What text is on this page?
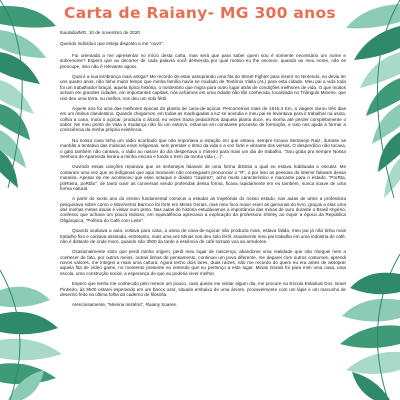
Carta de Raiany- MG 300 anos

Ituiutaba/MG, 10 de novembro de 2020

Querido indivíduo que esteja disposto a me "ouvir",

Fui orientada a me apresentar no início desta carta, mas será que para saber quem sou é somente necessário um nome e sobrenome? Espero que ao decorrer de cada palavra você desvenda por qual motivo eu lhe escrevo, quando ao meu nome, não se preocupe, isso não é relevante agora.

Qual é a sua lembrança mais antiga? Me recordo de estar assoprando uma fita do Street Fighter para inserir no Nintendo, eu devia ter uns quatro anos, não tinha muito tempo que minha família havia se mudado de Teotônio Vilela (AL) para esta cidade. Meu pai a vida toda foi um trabalhador braçal, aquela típica história, o nordestino que migra para outro lugar atrás de condições melhores de vida. O que muitos acham em grandes cidades, em importantes capitais, nós achamos em uma cidade não tão conhecida, localizada no Triângulo Mineiro, que nos deu uma terra, ou melhor, nos deu um solo fértil.

Aquele ano foi uma das melhores épocas do plantio de cana-de-açúcar. Percorremos mais de 1615,3 Km, a viagem durou três dias em um ônibus clandestino. Quando chegamos, em todas as madrugadas a luz se acendia e meu pai se levantava para ir trabalhar na usina, colhia a cana, moía o açúcar, produzia o álcool, eu vezes trazia pedacinhos daquela planta doce, eu morria até perder completamente o sabor. Ne meu ponto de vista a mudança não foi um estorvo, estamos em constante processo de formação, e isso nos ajuda a formar a consciência da minha própria existência.

Na nossa casa tinha um rádio acorbado que não importava a estação em que estava, sempre tocava Sertanejo Raiz, durante as manhãs a tentativa das músicas eram religiosas, sem prender o ritmo da vida e a voz forte e vibrante dos versos. O desperdício não tocava, o gato também não cantava, o rádio ao nascer do dia despertava o mineiro para mais um dia de trabalho. "Sou grata pra sempre Nossa Senhora de Aparecida livrara a minha escura e funda o trem da minha vida (...)".

Ouvindo essas canções reparava que os sertanejos falavam de uma forma distinta a qual eu estava habituada a escutar. Me contaram uma vez que os indígenas que aqui moravam não conseguiam pronunciar o "R", o por isso as pessoas do interior falavam dessa maneira. Apesar de me aconteceu que esse sotaque e dialeto "caipirez", acho muito característico e marcante para o estado. "PorRta, poRteira, poRtão", de tanto ouvir as conversas sendo proferidas dessa forma, ficava rapidamente em eu também, nunca soave de uma forma natural.

A partir do sexto ano do ensino fundamental comecei a estudar as trajetórias do nosso estado, nas aulas de artes a professora pesquisava sobre como o Movimento Barroco foi forte em Minas Gerais, mas meu foco maior eram as garounas do livro, graças a elas uma das minhas metas atuais é visitar ouro preto. Nas aulas de história estudávamos a importância das minas de ouro durante o Brasil Império, confesso que achava um pouco tedioso, em equivalência apreciava a explicação da professora Shirley ao expor a época da República Oligárquica, "Política do Café com Leite".

Quando acabava a aula, voltava para casa, a usina de cana-de-açúcar não produzia mais, estava falida, meu pai já não tinha mais trabalho fixo e cantava assinada, entretanto, mais uma vez Minas nos deu solo fértil. Atualmente meu pai trabalha em uma indústria de café, não é distante de onde moro, quando são 3h00 da tarde a essência de café torrado voa ao arredores.

Ocasionalmente sinto que perdi minha origem, perdi meu lugar de nascença, abandonei uma realidade que não cheguei nem a conhecer de fato, por outros meios, outras linhas de pensamento, continuei um povo diferente, me deparei com outros costumes, aprendi novos valores, me integrei a mais uma cultura. Agora tenho dois lares, duas raízes, não me recordo do quem eu era antes de assoprar aquela fita de vídeo game, no momento presente eu entendo que eu pertenço a este lugar. Minas Gerais foi para mim uma casa, uma escola, uma construção social, a esperança de que eu poderia viver melhor.

Espero que tenha me conhecido pelo menos um pouco, caso queira me visitar algum dia, me procure na Escola Estadual Gov. Israel Pinheiro, às 9h00 estarei esperando em um banco azul, situado embaixo de uma árvore, provavelmente com um lápis e um rascunho de desenho feito na última folha do caderno de filosofia.

Atenciosamente, "Menina mistério", Raiany Soares.
